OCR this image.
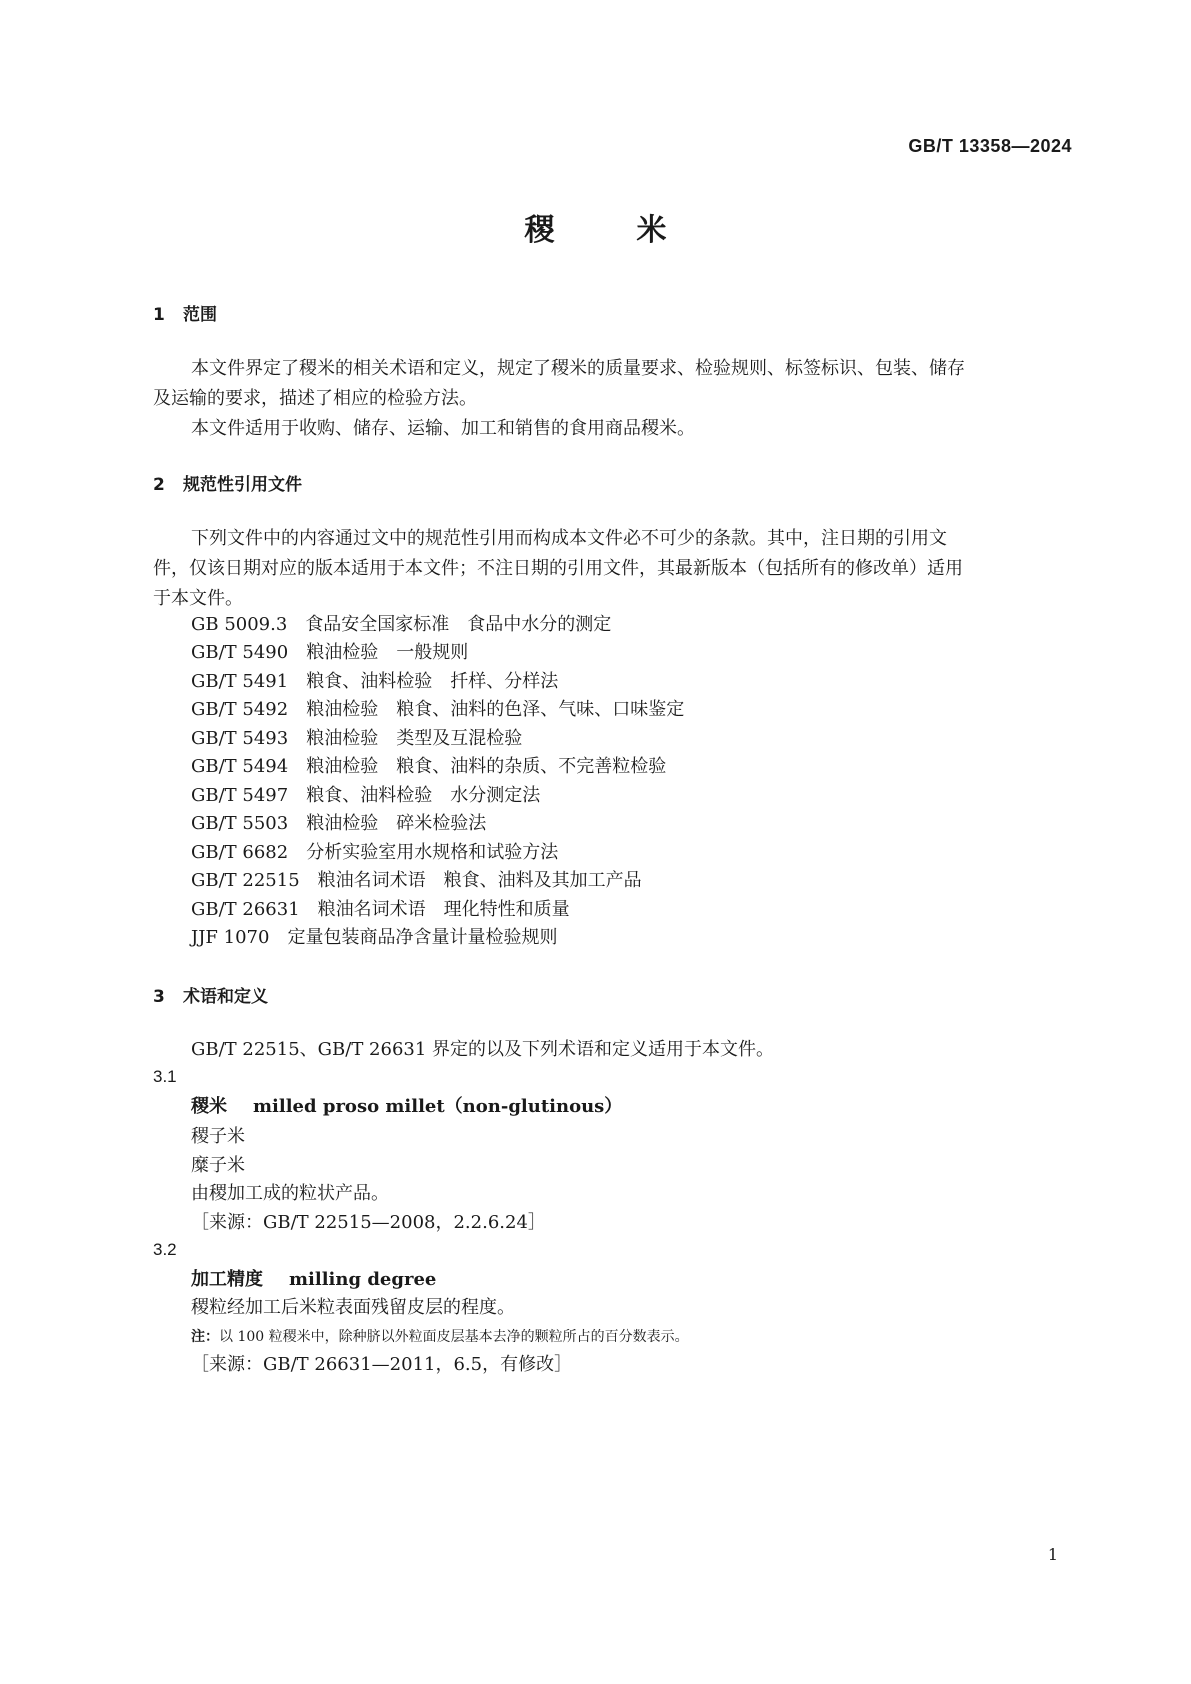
GB/T 13358—2024
稷　米
1 范围
本文件界定了稷米的相关术语和定义，规定了稷米的质量要求、检验规则、标签标识、包装、储存
及运输的要求，描述了相应的检验方法。
本文件适用于收购、储存、运输、加工和销售的食用商品稷米。
2 规范性引用文件
下列文件中的内容通过文中的规范性引用而构成本文件必不可少的条款。其中，注日期的引用文
件，仅该日期对应的版本适用于本文件；不注日期的引用文件，其最新版本（包括所有的修改单）适用
于本文件。
GB 5009.3 食品安全国家标准　食品中水分的测定
GB/T 5490 粮油检验　一般规则
GB/T 5491 粮食、油料检验　扦样、分样法
GB/T 5492 粮油检验　粮食、油料的色泽、气味、口味鉴定
GB/T 5493 粮油检验　类型及互混检验
GB/T 5494 粮油检验　粮食、油料的杂质、不完善粒检验
GB/T 5497 粮食、油料检验　水分测定法
GB/T 5503 粮油检验　碎米检验法
GB/T 6682 分析实验室用水规格和试验方法
GB/T 22515 粮油名词术语　粮食、油料及其加工产品
GB/T 26631 粮油名词术语　理化特性和质量
JJF 1070 定量包装商品净含量计量检验规则
3 术语和定义
GB/T 22515、GB/T 26631 界定的以及下列术语和定义适用于本文件。
3.1
稷米 milled proso millet（non-glutinous）
稷子米
糜子米
由稷加工成的粒状产品。
［来源：GB/T 22515—2008，2.2.6.24］
3.2
加工精度 milling degree
稷粒经加工后米粒表面残留皮层的程度。
注：以 100 粒稷米中，除种脐以外粒面皮层基本去净的颗粒所占的百分数表示。
［来源：GB/T 26631—2011，6.5，有修改］
1
